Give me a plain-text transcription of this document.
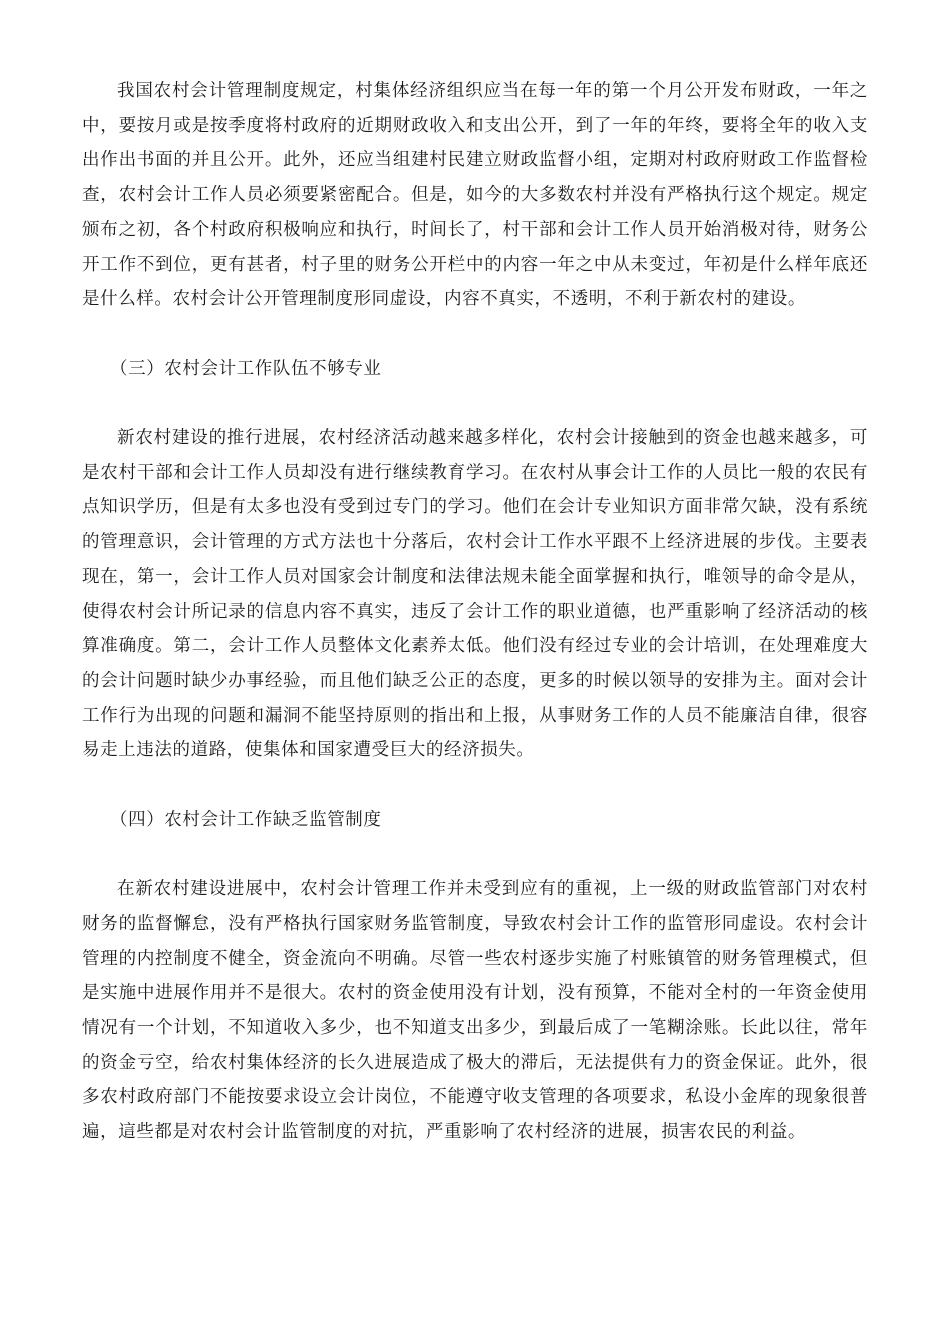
我国农村会计管理制度规定，村集体经济组织应当在每一年的第一个月公开发布财政，一年之中，要按月或是按季度将村政府的近期财政收入和支出公开，到了一年的年终，要将全年的收入支出作出书面的并且公开。此外，还应当组建村民建立财政监督小组，定期对村政府财政工作监督检查，农村会计工作人员必须要紧密配合。但是，如今的大多数农村并没有严格执行这个规定。规定颁布之初，各个村政府积极响应和执行，时间长了，村干部和会计工作人员开始消极对待，财务公开工作不到位，更有甚者，村子里的财务公开栏中的内容一年之中从未变过，年初是什么样年底还是什么样。农村会计公开管理制度形同虚设，内容不真实，不透明，不利于新农村的建设。

（三）农村会计工作队伍不够专业

新农村建设的推行进展，农村经济活动越来越多样化，农村会计接触到的资金也越来越多，可是农村干部和会计工作人员却没有进行继续教育学习。在农村从事会计工作的人员比一般的农民有点知识学历，但是有太多也没有受到过专门的学习。他们在会计专业知识方面非常欠缺，没有系统的管理意识，会计管理的方式方法也十分落后，农村会计工作水平跟不上经济进展的步伐。主要表现在，第一，会计工作人员对国家会计制度和法律法规未能全面掌握和执行，唯领导的命令是从，使得农村会计所记录的信息内容不真实，违反了会计工作的职业道德，也严重影响了经济活动的核算准确度。第二，会计工作人员整体文化素养太低。他们没有经过专业的会计培训，在处理难度大的会计问题时缺少办事经验，而且他们缺乏公正的态度，更多的时候以领导的安排为主。面对会计工作行为出现的问题和漏洞不能坚持原则的指出和上报，从事财务工作的人员不能廉洁自律，很容易走上违法的道路，使集体和国家遭受巨大的经济损失。

（四）农村会计工作缺乏监管制度

在新农村建设进展中，农村会计管理工作并未受到应有的重视，上一级的财政监管部门对农村财务的监督懈怠，没有严格执行国家财务监管制度，导致农村会计工作的监管形同虚设。农村会计管理的内控制度不健全，资金流向不明确。尽管一些农村逐步实施了村账镇管的财务管理模式，但是实施中进展作用并不是很大。农村的资金使用没有计划，没有预算，不能对全村的一年资金使用情况有一个计划，不知道收入多少，也不知道支出多少，到最后成了一笔糊涂账。长此以往，常年的资金亏空，给农村集体经济的长久进展造成了极大的滞后，无法提供有力的资金保证。此外，很多农村政府部门不能按要求设立会计岗位，不能遵守收支管理的各项要求，私设小金库的现象很普遍，這些都是对农村会计监管制度的对抗，严重影响了农村经济的进展，损害农民的利益。
